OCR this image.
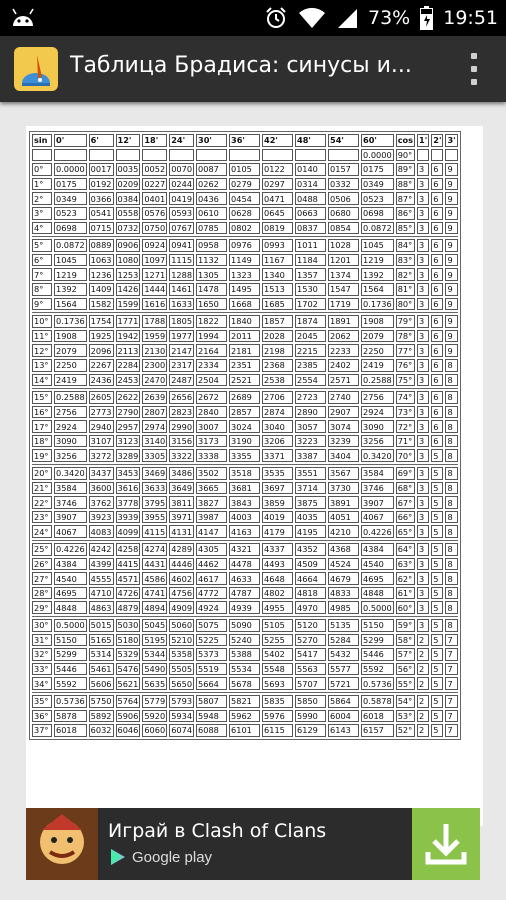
73% 19:51
Таблица Брадиса: синусы и...
sin	0'	6'	12'	18'	24'	30'	36'	42'	48'	54'	60'	cos	1'	2'	3'
											0.0000	90°			
0°	0.0000	0017	0035	0052	0070	0087	0105	0122	0140	0157	0175	89°	3	6	9
1°	0175	0192	0209	0227	0244	0262	0279	0297	0314	0332	0349	88°	3	6	9
2°	0349	0366	0384	0401	0419	0436	0454	0471	0488	0506	0523	87°	3	6	9
3°	0523	0541	0558	0576	0593	0610	0628	0645	0663	0680	0698	86°	3	6	9
4°	0698	0715	0732	0750	0767	0785	0802	0819	0837	0854	0.0872	85°	3	6	9

5°	0.0872	0889	0906	0924	0941	0958	0976	0993	1011	1028	1045	84°	3	6	9
6°	1045	1063	1080	1097	1115	1132	1149	1167	1184	1201	1219	83°	3	6	9
7°	1219	1236	1253	1271	1288	1305	1323	1340	1357	1374	1392	82°	3	6	9
8°	1392	1409	1426	1444	1461	1478	1495	1513	1530	1547	1564	81°	3	6	9
9°	1564	1582	1599	1616	1633	1650	1668	1685	1702	1719	0.1736	80°	3	6	9

10°	0.1736	1754	1771	1788	1805	1822	1840	1857	1874	1891	1908	79°	3	6	9
11°	1908	1925	1942	1959	1977	1994	2011	2028	2045	2062	2079	78°	3	6	9
12°	2079	2096	2113	2130	2147	2164	2181	2198	2215	2233	2250	77°	3	6	9
13°	2250	2267	2284	2300	2317	2334	2351	2368	2385	2402	2419	76°	3	6	8
14°	2419	2436	2453	2470	2487	2504	2521	2538	2554	2571	0.2588	75°	3	6	8

15°	0.2588	2605	2622	2639	2656	2672	2689	2706	2723	2740	2756	74°	3	6	8
16°	2756	2773	2790	2807	2823	2840	2857	2874	2890	2907	2924	73°	3	6	8
17°	2924	2940	2957	2974	2990	3007	3024	3040	3057	3074	3090	72°	3	6	8
18°	3090	3107	3123	3140	3156	3173	3190	3206	3223	3239	3256	71°	3	6	8
19°	3256	3272	3289	3305	3322	3338	3355	3371	3387	3404	0.3420	70°	3	5	8

20°	0.3420	3437	3453	3469	3486	3502	3518	3535	3551	3567	3584	69°	3	5	8
21°	3584	3600	3616	3633	3649	3665	3681	3697	3714	3730	3746	68°	3	5	8
22°	3746	3762	3778	3795	3811	3827	3843	3859	3875	3891	3907	67°	3	5	8
23°	3907	3923	3939	3955	3971	3987	4003	4019	4035	4051	4067	66°	3	5	8
24°	4067	4083	4099	4115	4131	4147	4163	4179	4195	4210	0.4226	65°	3	5	8

25°	0.4226	4242	4258	4274	4289	4305	4321	4337	4352	4368	4384	64°	3	5	8
26°	4384	4399	4415	4431	4446	4462	4478	4493	4509	4524	4540	63°	3	5	8
27°	4540	4555	4571	4586	4602	4617	4633	4648	4664	4679	4695	62°	3	5	8
28°	4695	4710	4726	4741	4756	4772	4787	4802	4818	4833	4848	61°	3	5	8
29°	4848	4863	4879	4894	4909	4924	4939	4955	4970	4985	0.5000	60°	3	5	8

30°	0.5000	5015	5030	5045	5060	5075	5090	5105	5120	5135	5150	59°	3	5	8
31°	5150	5165	5180	5195	5210	5225	5240	5255	5270	5284	5299	58°	2	5	7
32°	5299	5314	5329	5344	5358	5373	5388	5402	5417	5432	5446	57°	2	5	7
33°	5446	5461	5476	5490	5505	5519	5534	5548	5563	5577	5592	56°	2	5	7
34°	5592	5606	5621	5635	5650	5664	5678	5693	5707	5721	0.5736	55°	2	5	7

35°	0.5736	5750	5764	5779	5793	5807	5821	5835	5850	5864	0.5878	54°	2	5	7
36°	5878	5892	5906	5920	5934	5948	5962	5976	5990	6004	6018	53°	2	5	7
37°	6018	6032	6046	6060	6074	6088	6101	6115	6129	6143	6157	52°	2	5	7
Играй в Clash of Clans
Google play
